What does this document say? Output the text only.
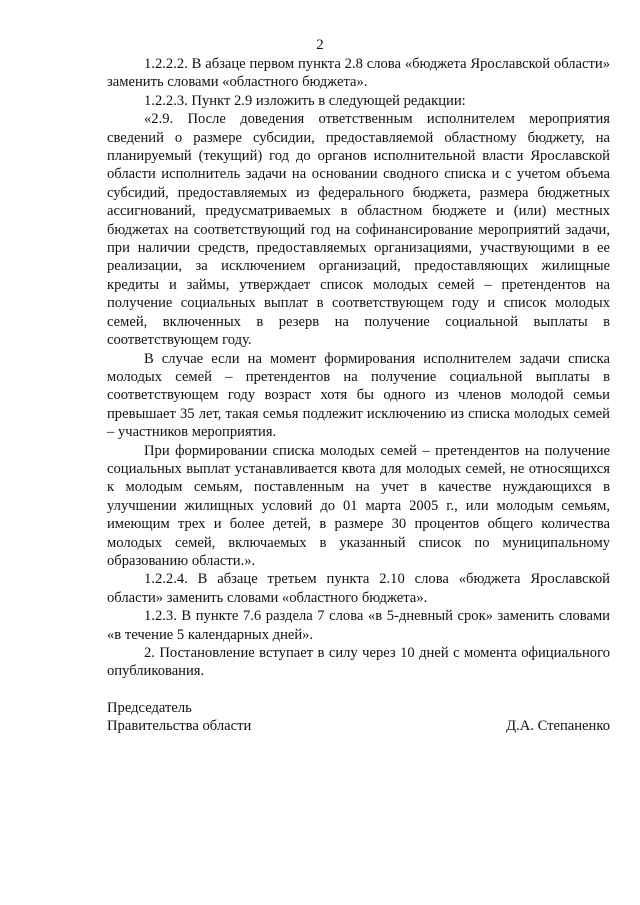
2

1.2.2.2. В абзаце первом пункта 2.8 слова «бюджета Ярославской области» заменить словами «областного бюджета».

1.2.2.3. Пункт 2.9 изложить в следующей редакции:

«2.9. После доведения ответственным исполнителем мероприятия сведений о размере субсидии, предоставляемой областному бюджету, на планируемый (текущий) год до органов исполнительной власти Ярославской области исполнитель задачи на основании сводного списка и с учетом объема субсидий, предоставляемых из федерального бюджета, размера бюджетных ассигнований, предусматриваемых в областном бюджете и (или) местных бюджетах на соответствующий год на софинансирование мероприятий задачи, при наличии средств, предоставляемых организациями, участвующими в ее реализации, за исключением организаций, предоставляющих жилищные кредиты и займы, утверждает список молодых семей – претендентов на получение социальных выплат в соответствующем году и список молодых семей, включенных в резерв на получение социальной выплаты в соответствующем году.

В случае если на момент формирования исполнителем задачи списка молодых семей – претендентов на получение социальной выплаты в соответствующем году возраст хотя бы одного из членов молодой семьи превышает 35 лет, такая семья подлежит исключению из списка молодых семей – участников мероприятия.

При формировании списка молодых семей – претендентов на получение социальных выплат устанавливается квота для молодых семей, не относящихся к молодым семьям, поставленным на учет в качестве нуждающихся в улучшении жилищных условий до 01 марта 2005 г., или молодым семьям, имеющим трех и более детей, в размере 30 процентов общего количества молодых семей, включаемых в указанный список по муниципальному образованию области.».

1.2.2.4. В абзаце третьем пункта 2.10 слова «бюджета Ярославской области» заменить словами «областного бюджета».

1.2.3. В пункте 7.6 раздела 7 слова «в 5-дневный срок» заменить словами «в течение 5 календарных дней».

2. Постановление вступает в силу через 10 дней с момента официального опубликования.

Председатель
Правительства области	Д.А. Степаненко
